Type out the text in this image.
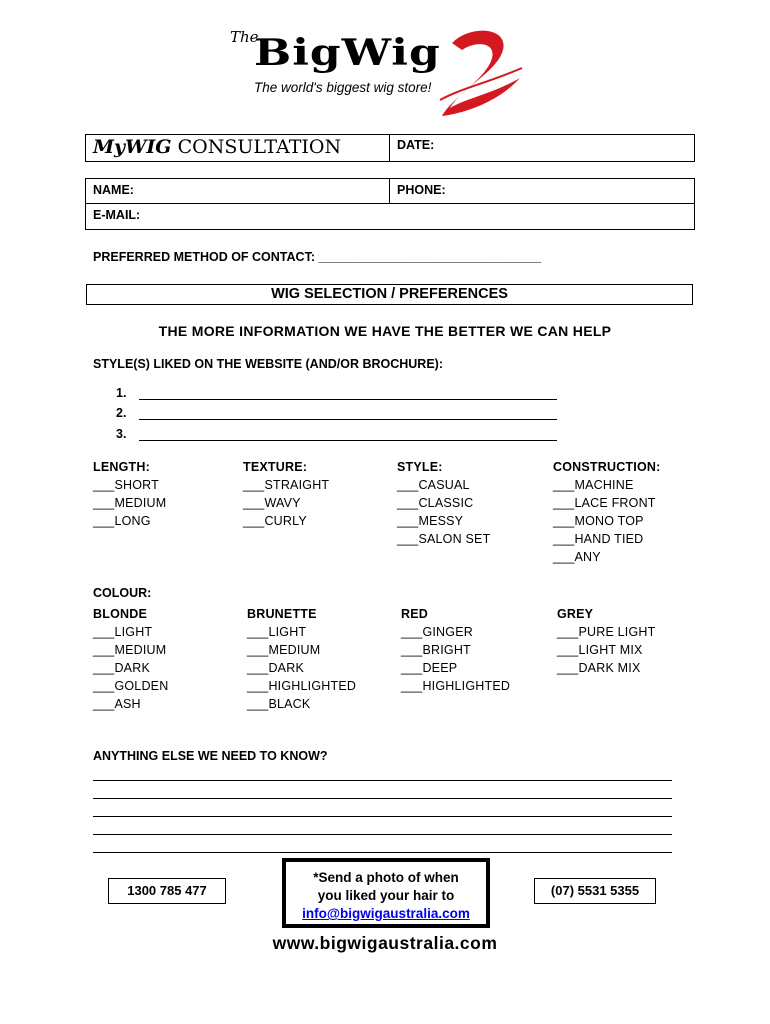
The
BigWig
The world's biggest wig store!
MyWIG CONSULTATION	DATE:
NAME:	PHONE:
E-MAIL:
PREFERRED METHOD OF CONTACT: ________________________________
WIG SELECTION / PREFERENCES
THE MORE INFORMATION WE HAVE THE BETTER WE CAN HELP
STYLE(S) LIKED ON THE WEBSITE (AND/OR BROCHURE):
1.
2.
3.
LENGTH:
___SHORT
___MEDIUM
___LONG
TEXTURE:
___STRAIGHT
___WAVY
___CURLY
STYLE:
___CASUAL
___CLASSIC
___MESSY
___SALON SET
CONSTRUCTION:
___MACHINE
___LACE FRONT
___MONO TOP
___HAND TIED
___ANY
COLOUR:
BLONDE
___LIGHT
___MEDIUM
___DARK
___GOLDEN
___ASH
BRUNETTE
___LIGHT
___MEDIUM
___DARK
___HIGHLIGHTED
___BLACK
RED
___GINGER
___BRIGHT
___DEEP
___HIGHLIGHTED
GREY
___PURE LIGHT
___LIGHT MIX
___DARK MIX
ANYTHING ELSE WE NEED TO KNOW?
1300 785 477	(07) 5531 5355
*Send a photo of when
you liked your hair to
info@bigwigaustralia.com
www.bigwigaustralia.com
